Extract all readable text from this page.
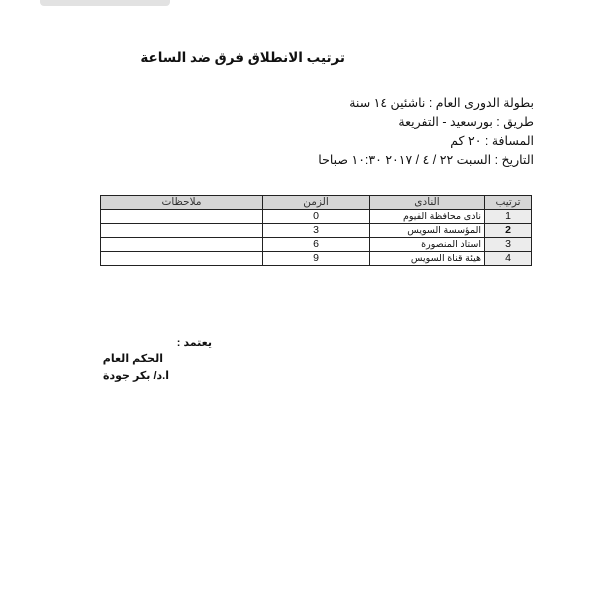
ترتيب الانطلاق فرق ضد الساعة
بطولة الدورى العام : ناشئين ١٤ سنة
طريق : بورسعيد - التفريعة
المسافة : ٢٠ كم
التاريخ : السبت ٢٢ / ٤ / ٢٠١٧ ١٠:٣٠ صباحا
ترتيب	النادى	الزمن	ملاحظات
1	نادى محافظة الفيوم	0	
2	المؤسسة السويس	3	
3	استاد المنصورة	6	
4	هيئة قناة السويس	9	
يعتمد :
الحكم العام
ا.د/ بكر جودة
